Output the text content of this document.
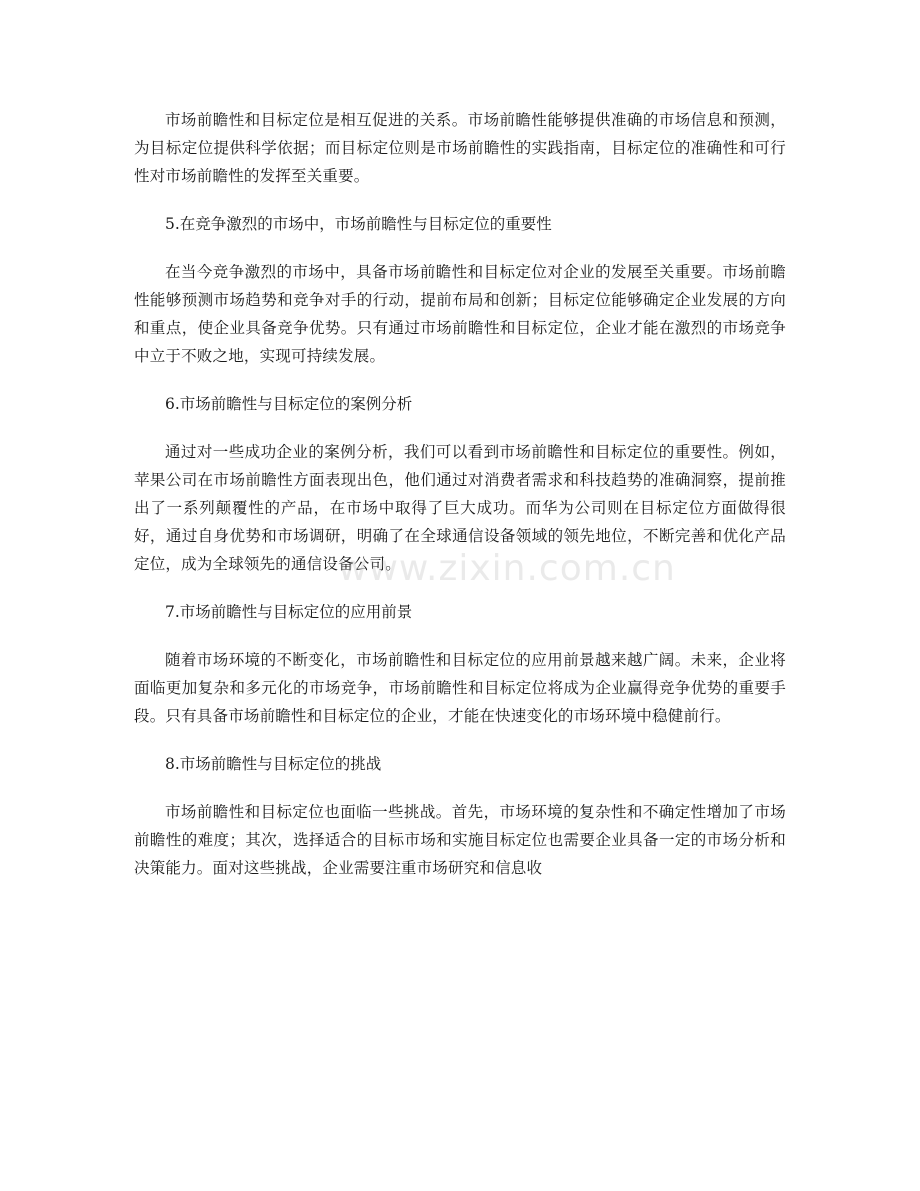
市场前瞻性和目标定位是相互促进的关系。市场前瞻性能够提供准确的市场信息和预测，为目标定位提供科学依据；而目标定位则是市场前瞻性的实践指南，目标定位的准确性和可行性对市场前瞻性的发挥至关重要。

5.在竞争激烈的市场中，市场前瞻性与目标定位的重要性

在当今竞争激烈的市场中，具备市场前瞻性和目标定位对企业的发展至关重要。市场前瞻性能够预测市场趋势和竞争对手的行动，提前布局和创新；目标定位能够确定企业发展的方向和重点，使企业具备竞争优势。只有通过市场前瞻性和目标定位，企业才能在激烈的市场竞争中立于不败之地，实现可持续发展。

6.市场前瞻性与目标定位的案例分析

通过对一些成功企业的案例分析，我们可以看到市场前瞻性和目标定位的重要性。例如，苹果公司在市场前瞻性方面表现出色，他们通过对消费者需求和科技趋势的准确洞察，提前推出了一系列颠覆性的产品，在市场中取得了巨大成功。而华为公司则在目标定位方面做得很好，通过自身优势和市场调研，明确了在全球通信设备领域的领先地位，不断完善和优化产品定位，成为全球领先的通信设备公司。

7.市场前瞻性与目标定位的应用前景

随着市场环境的不断变化，市场前瞻性和目标定位的应用前景越来越广阔。未来，企业将面临更加复杂和多元化的市场竞争，市场前瞻性和目标定位将成为企业赢得竞争优势的重要手段。只有具备市场前瞻性和目标定位的企业，才能在快速变化的市场环境中稳健前行。

8.市场前瞻性与目标定位的挑战

市场前瞻性和目标定位也面临一些挑战。首先，市场环境的复杂性和不确定性增加了市场前瞻性的难度；其次，选择适合的目标市场和实施目标定位也需要企业具备一定的市场分析和决策能力。面对这些挑战，企业需要注重市场研究和信息收

www.zixin.com.cn
